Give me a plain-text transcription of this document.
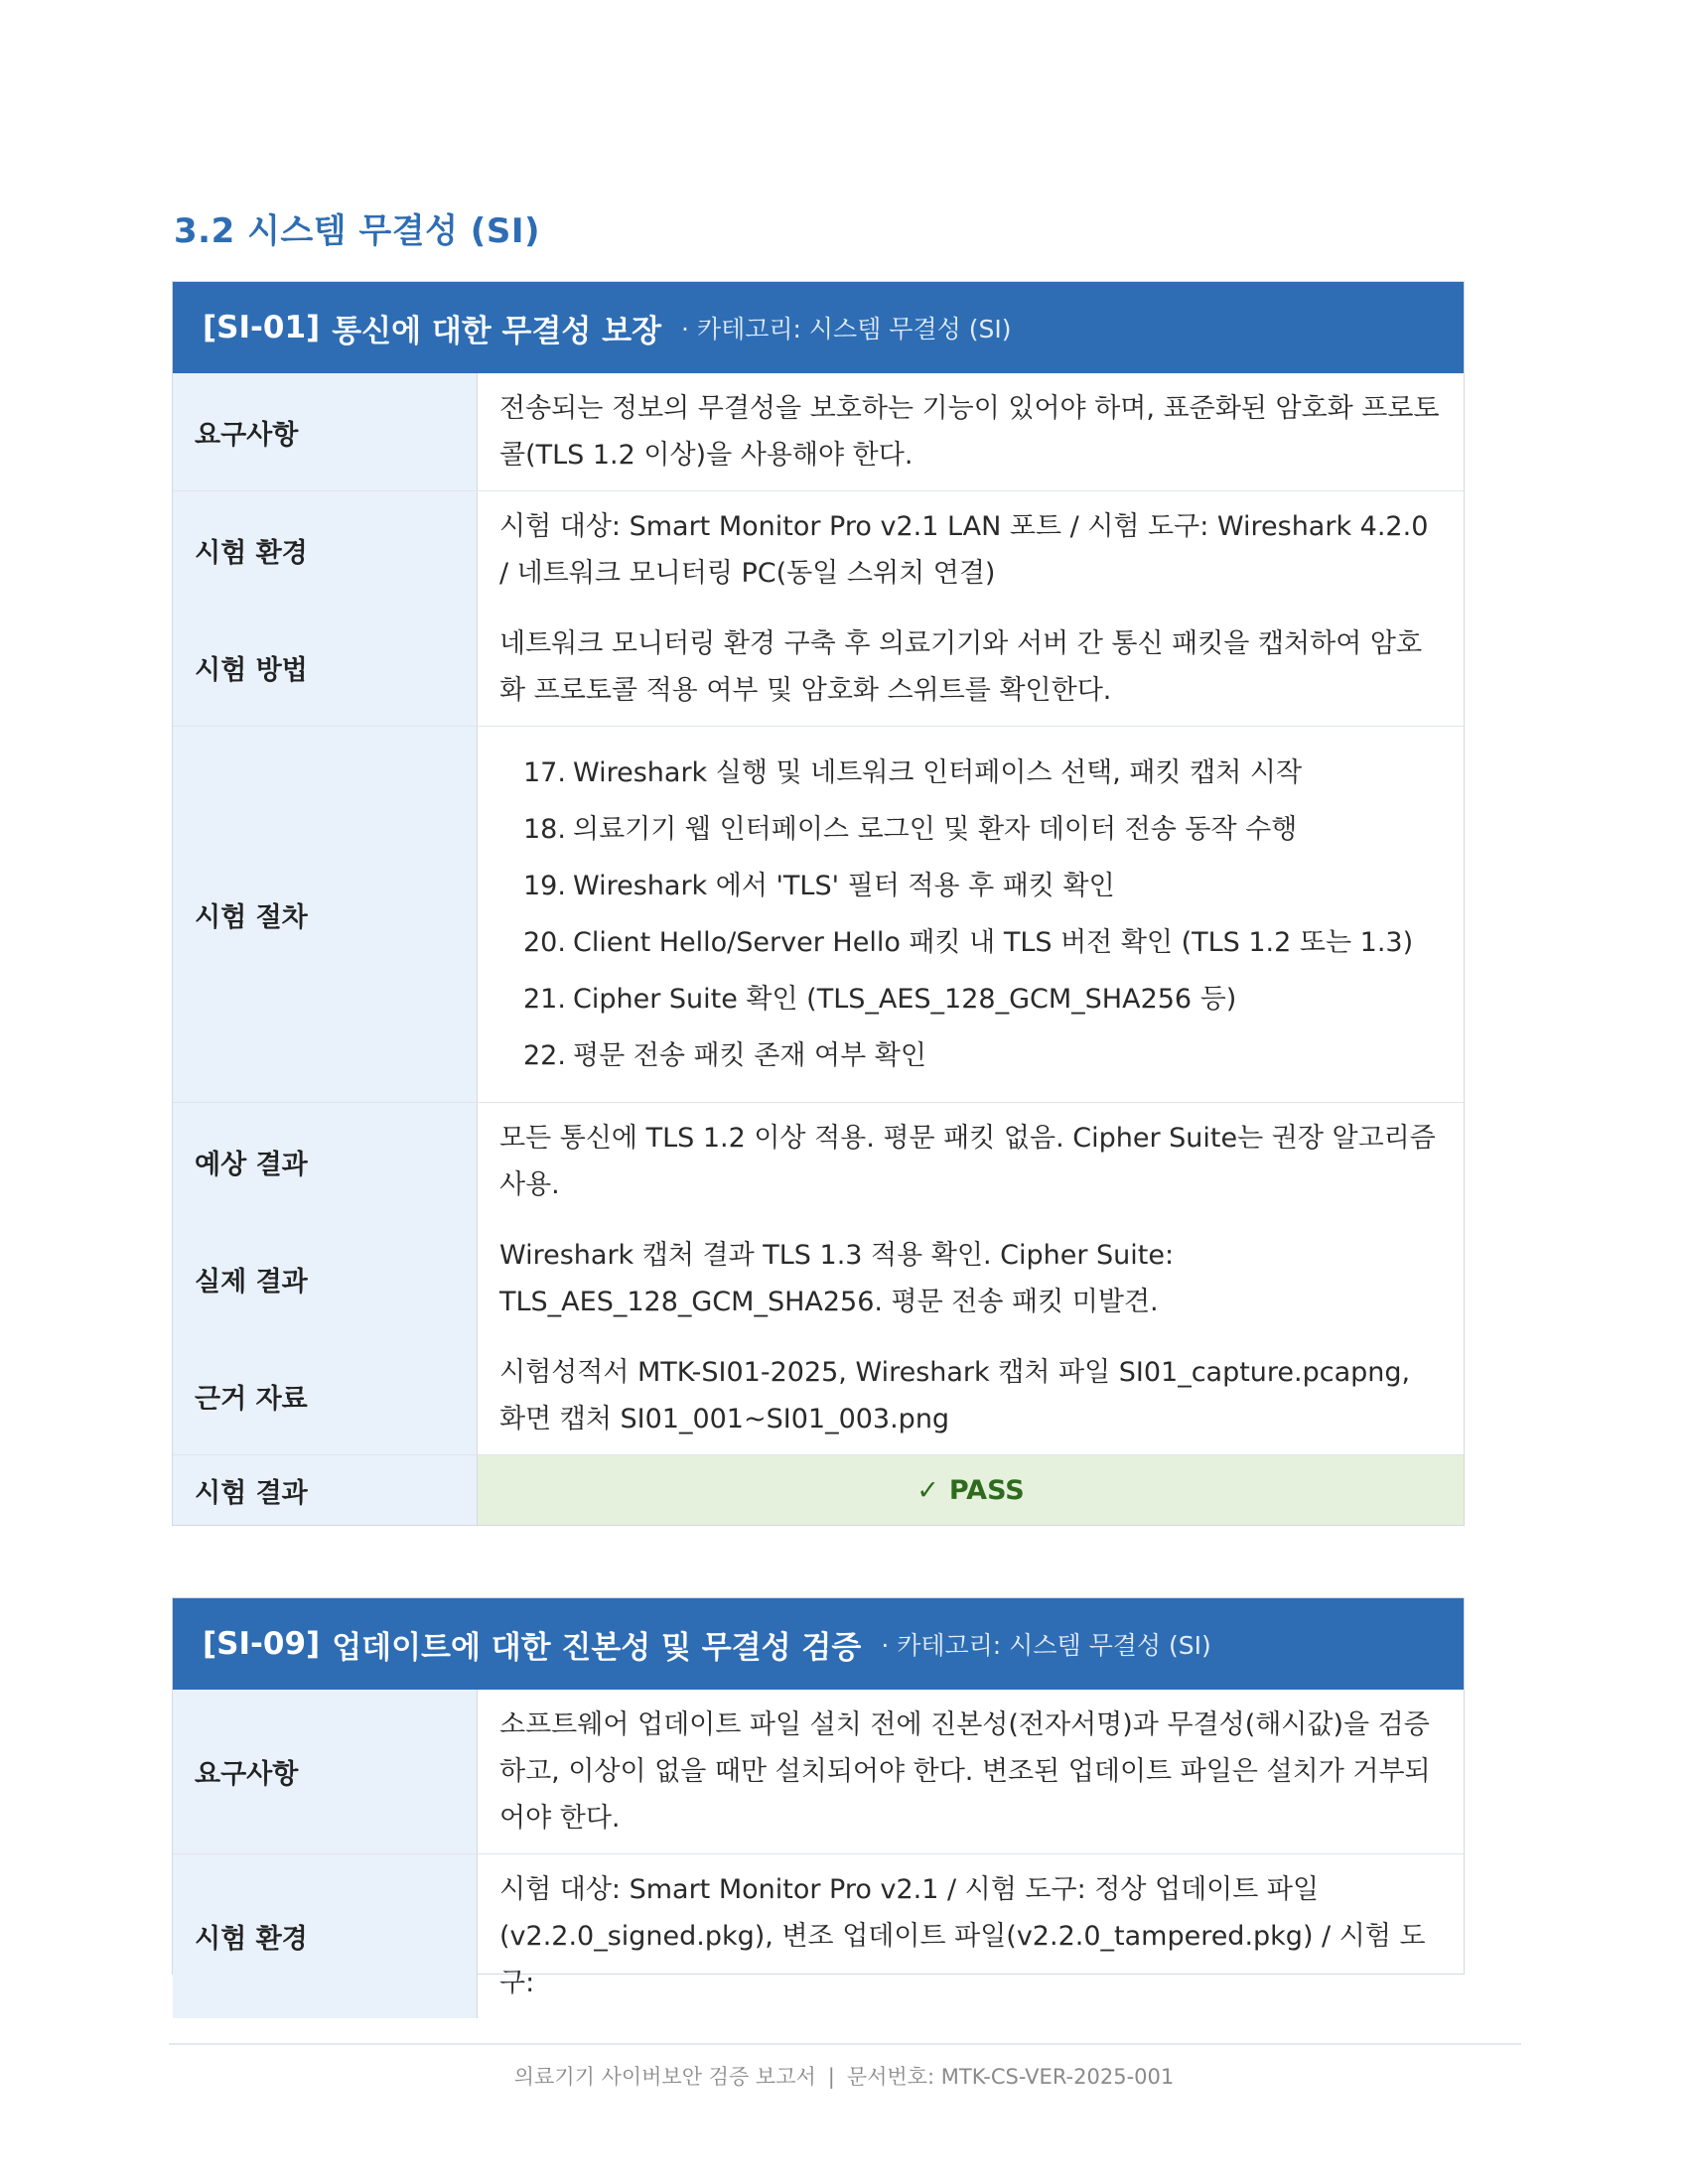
3.2 시스템 무결성 (SI)
[SI-01] 통신에 대한 무결성 보장 · 카테고리: 시스템 무결성 (SI)
요구사항
전송되는 정보의 무결성을 보호하는 기능이 있어야 하며, 표준화된 암호화 프로토콜(TLS 1.2 이상)을 사용해야 한다.
시험 환경
시험 대상: Smart Monitor Pro v2.1 LAN 포트 / 시험 도구: Wireshark 4.2.0 / 네트워크 모니터링 PC(동일 스위치 연결)
시험 방법
네트워크 모니터링 환경 구축 후 의료기기와 서버 간 통신 패킷을 캡처하여 암호화 프로토콜 적용 여부 및 암호화 스위트를 확인한다.
시험 절차
17. Wireshark 실행 및 네트워크 인터페이스 선택, 패킷 캡처 시작
18. 의료기기 웹 인터페이스 로그인 및 환자 데이터 전송 동작 수행
19. Wireshark 에서 'TLS' 필터 적용 후 패킷 확인
20. Client Hello/Server Hello 패킷 내 TLS 버전 확인 (TLS 1.2 또는 1.3)
21. Cipher Suite 확인 (TLS_AES_128_GCM_SHA256 등)
22. 평문 전송 패킷 존재 여부 확인
예상 결과
모든 통신에 TLS 1.2 이상 적용. 평문 패킷 없음. Cipher Suite는 권장 알고리즘 사용.
실제 결과
Wireshark 캡처 결과 TLS 1.3 적용 확인. Cipher Suite: TLS_AES_128_GCM_SHA256. 평문 전송 패킷 미발견.
근거 자료
시험성적서 MTK-SI01-2025, Wireshark 캡처 파일 SI01_capture.pcapng, 화면 캡처 SI01_001~SI01_003.png
시험 결과	✓ PASS
[SI-09] 업데이트에 대한 진본성 및 무결성 검증 · 카테고리: 시스템 무결성 (SI)
요구사항
소프트웨어 업데이트 파일 설치 전에 진본성(전자서명)과 무결성(해시값)을 검증하고, 이상이 없을 때만 설치되어야 한다. 변조된 업데이트 파일은 설치가 거부되어야 한다.
시험 환경
시험 대상: Smart Monitor Pro v2.1 / 시험 도구: 정상 업데이트 파일(v2.2.0_signed.pkg), 변조 업데이트 파일(v2.2.0_tampered.pkg) / 시험 도구:
의료기기 사이버보안 검증 보고서 | 문서번호: MTK-CS-VER-2025-001
